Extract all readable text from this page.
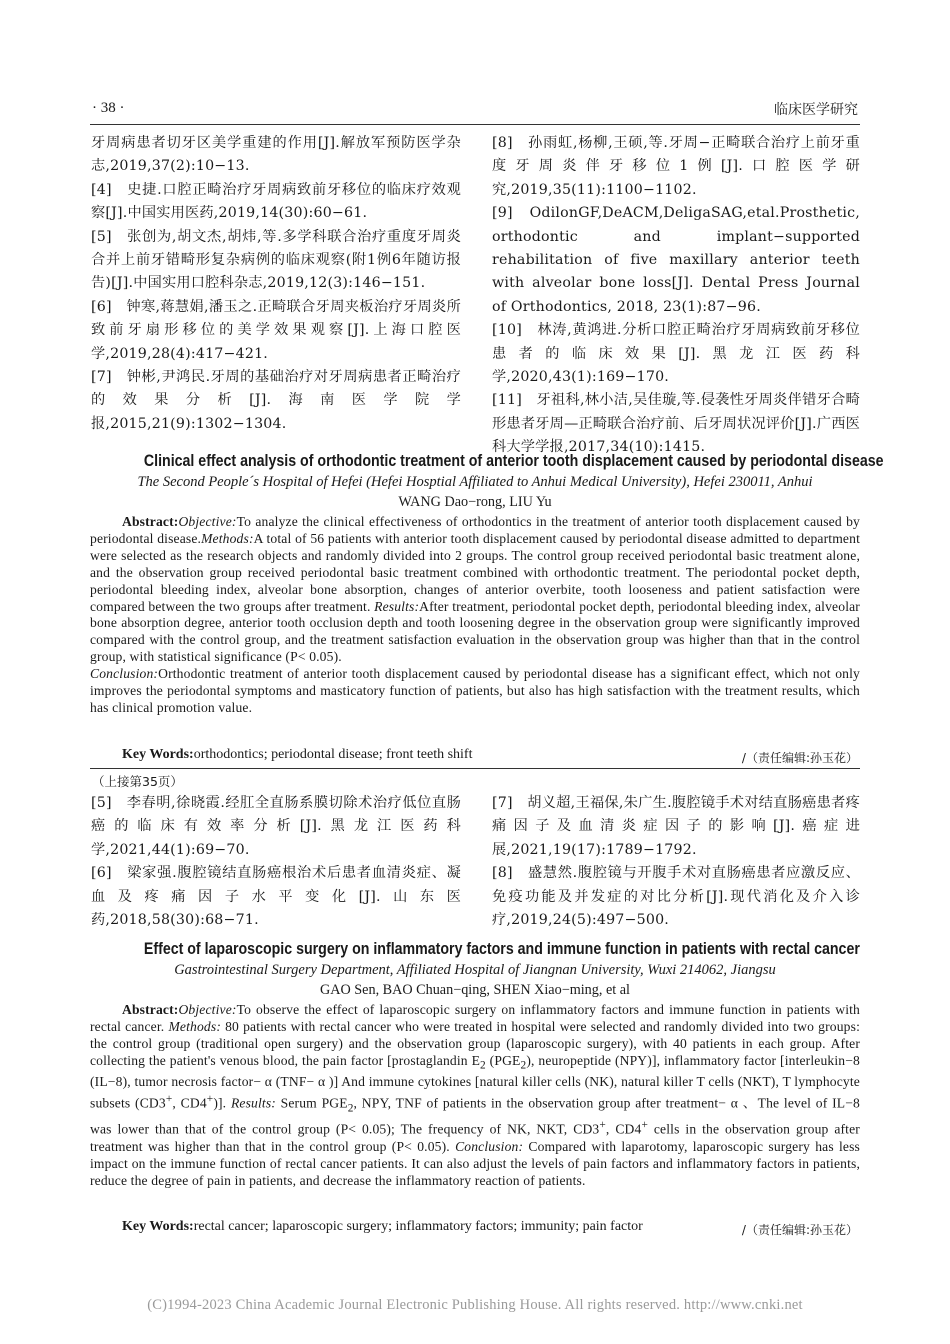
· 38 ·	临床医学研究

牙周病患者切牙区美学重建的作用[J].解放军预防医学杂志,2019,37(2):10−13.

[4]　史捷.口腔正畸治疗牙周病致前牙移位的临床疗效观察[J].中国实用医药,2019,14(30):60−61.

[5]　张创为,胡文杰,胡炜,等.多学科联合治疗重度牙周炎合并上前牙错畸形复杂病例的临床观察(附1例6年随访报告)[J].中国实用口腔科杂志,2019,12(3):146−151.

[6]　钟寒,蒋慧娟,潘玉之.正畸联合牙周夹板治疗牙周炎所致前牙扇形移位的美学效果观察[J].上海口腔医学,2019,28(4):417−421.

[7]　钟彬,尹鸿民.牙周的基础治疗对牙周病患者正畸治疗的效果分析[J].海南医学院学报,2015,21(9):1302−1304.

[8]　孙雨虹,杨柳,王硕,等.牙周−正畸联合治疗上前牙重度牙周炎伴牙移位1例[J].口腔医学研究,2019,35(11):1100−1102.

[9]　OdilonGF,DeACM,DeligaSAG,etal.Prosthetic, orthodontic and implant−supported rehabilitation of five maxillary anterior teeth with alveolar bone loss[J]. Dental Press Journal of Orthodontics, 2018, 23(1):87−96.

[10]　林涛,黄鸿进.分析口腔正畸治疗牙周病致前牙移位患者的临床效果[J].黑龙江医药科学,2020,43(1):169−170.

[11]　牙祖科,林小洁,吴佳璇,等.侵袭性牙周炎伴错牙合畸形患者牙周—正畸联合治疗前、后牙周状况评价[J].广西医科大学学报,2017,34(10):1415.

Clinical effect analysis of orthodontic treatment of anterior tooth displacement caused by periodontal disease
The Second People´s Hospital of Hefei (Hefei Hosptial Affiliated to Anhui Medical University), Hefei 230011, Anhui
WANG Dao−rong, LIU Yu
Abstract:Objective:To analyze the clinical effectiveness of orthodontics in the treatment of anterior tooth displacement caused by periodontal disease.Methods:A total of 56 patients with anterior tooth displacement caused by periodontal disease admitted to department were selected as the research objects and randomly divided into 2 groups. The control group received periodontal basic treatment alone, and the observation group received periodontal basic treatment combined with orthodontic treatment. The periodontal pocket depth, periodontal bleeding index, alveolar bone absorption, changes of anterior overbite, tooth looseness and patient satisfaction were compared between the two groups after treatment. Results:After treatment, periodontal pocket depth, periodontal bleeding index, alveolar bone absorption degree, anterior tooth occlusion depth and tooth loosening degree in the observation group were significantly improved compared with the control group, and the treatment satisfaction evaluation in the observation group was higher than that in the control group, with statistical significance (P< 0.05).
Conclusion:Orthodontic treatment of anterior tooth displacement caused by periodontal disease has a significant effect, which not only improves the periodontal symptoms and masticatory function of patients, but also has high satisfaction with the treatment results, which has clinical promotion value.
Key Words:orthodontics; periodontal disease; front teeth shift	/（责任编辑:孙玉花）
（上接第35页）

[5]　李春明,徐晓霞.经肛全直肠系膜切除术治疗低位直肠癌的临床有效率分析[J].黑龙江医药科学,2021,44(1):69−70.

[6]　梁家强.腹腔镜结直肠癌根治术后患者血清炎症、凝血及疼痛因子水平变化[J].山东医药,2018,58(30):68−71.

[7]　胡义超,王福保,朱广生.腹腔镜手术对结直肠癌患者疼痛因子及血清炎症因子的影响[J].癌症进展,2021,19(17):1789−1792.

[8]　盛慧然.腹腔镜与开腹手术对直肠癌患者应激反应、免疫功能及并发症的对比分析[J].现代消化及介入诊疗,2019,24(5):497−500.

Effect of laparoscopic surgery on inflammatory factors and immune function in patients with rectal cancer
Gastrointestinal Surgery Department, Affiliated Hospital of Jiangnan University, Wuxi 214062, Jiangsu
GAO Sen, BAO Chuan−qing, SHEN Xiao−ming, et al
Abstract:Objective:To observe the effect of laparoscopic surgery on inflammatory factors and immune function in patients with rectal cancer. Methods: 80 patients with rectal cancer who were treated in hospital were selected and randomly divided into two groups: the control group (traditional open surgery) and the observation group (laparoscopic surgery), with 40 patients in each group. After collecting the patient's venous blood, the pain factor [prostaglandin $E_2$ $(PGE_2)$, neuropeptide (NPY)], inflammatory factor [interleukin−8 (IL−8), tumor necrosis factor− α (TNF− α )] And immune cytokines [natural killer cells (NK), natural killer T cells (NKT), T lymphocyte subsets (CD3+, CD4+)]. Results: Serum $PGE_2$, NPY, TNF of patients in the observation group after treatment− α 、The level of IL−8 was lower than that of the control group (P< 0.05); The frequency of NK, NKT, CD3+, CD4+ cells in the observation group after treatment was higher than that in the control group (P< 0.05). Conclusion: Compared with laparotomy, laparoscopic surgery has less impact on the immune function of rectal cancer patients. It can also adjust the levels of pain factors and inflammatory factors in patients, reduce the degree of pain in patients, and decrease the inflammatory reaction of patients.
Key Words:rectal cancer; laparoscopic surgery; inflammatory factors; immunity; pain factor	/（责任编辑:孙玉花）
(C)1994-2023 China Academic Journal Electronic Publishing House. All rights reserved. http://www.cnki.net
